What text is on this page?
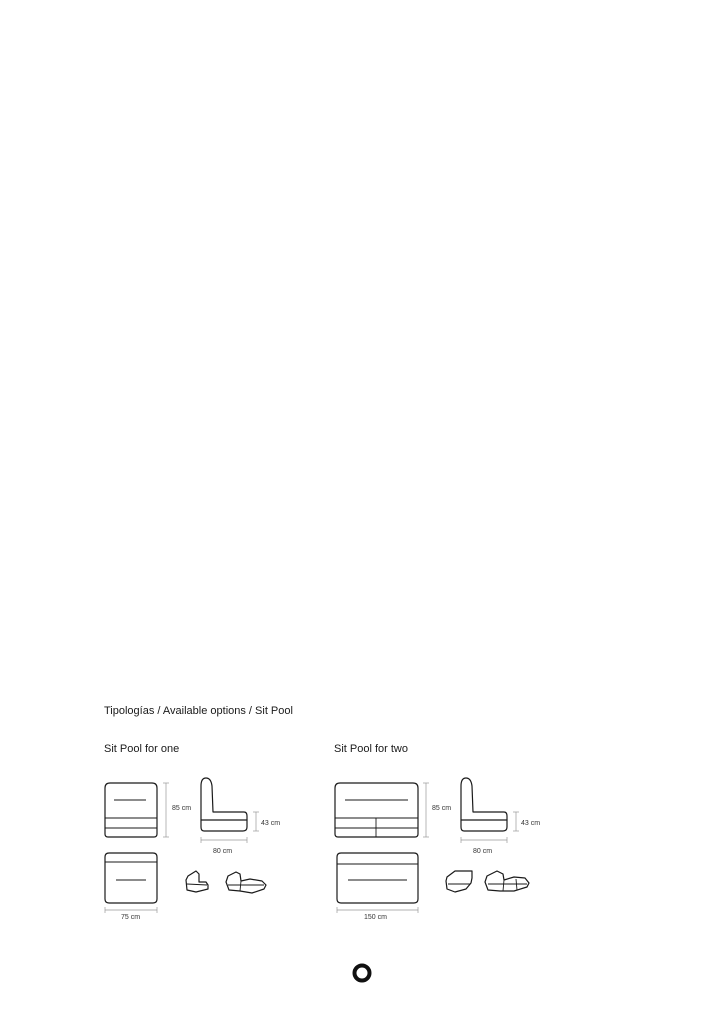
Tipologías / Available options / Sit Pool
Sit Pool for one	Sit Pool for two
85 cm
43 cm
80 cm
75 cm
85 cm
43 cm
80 cm
150 cm
